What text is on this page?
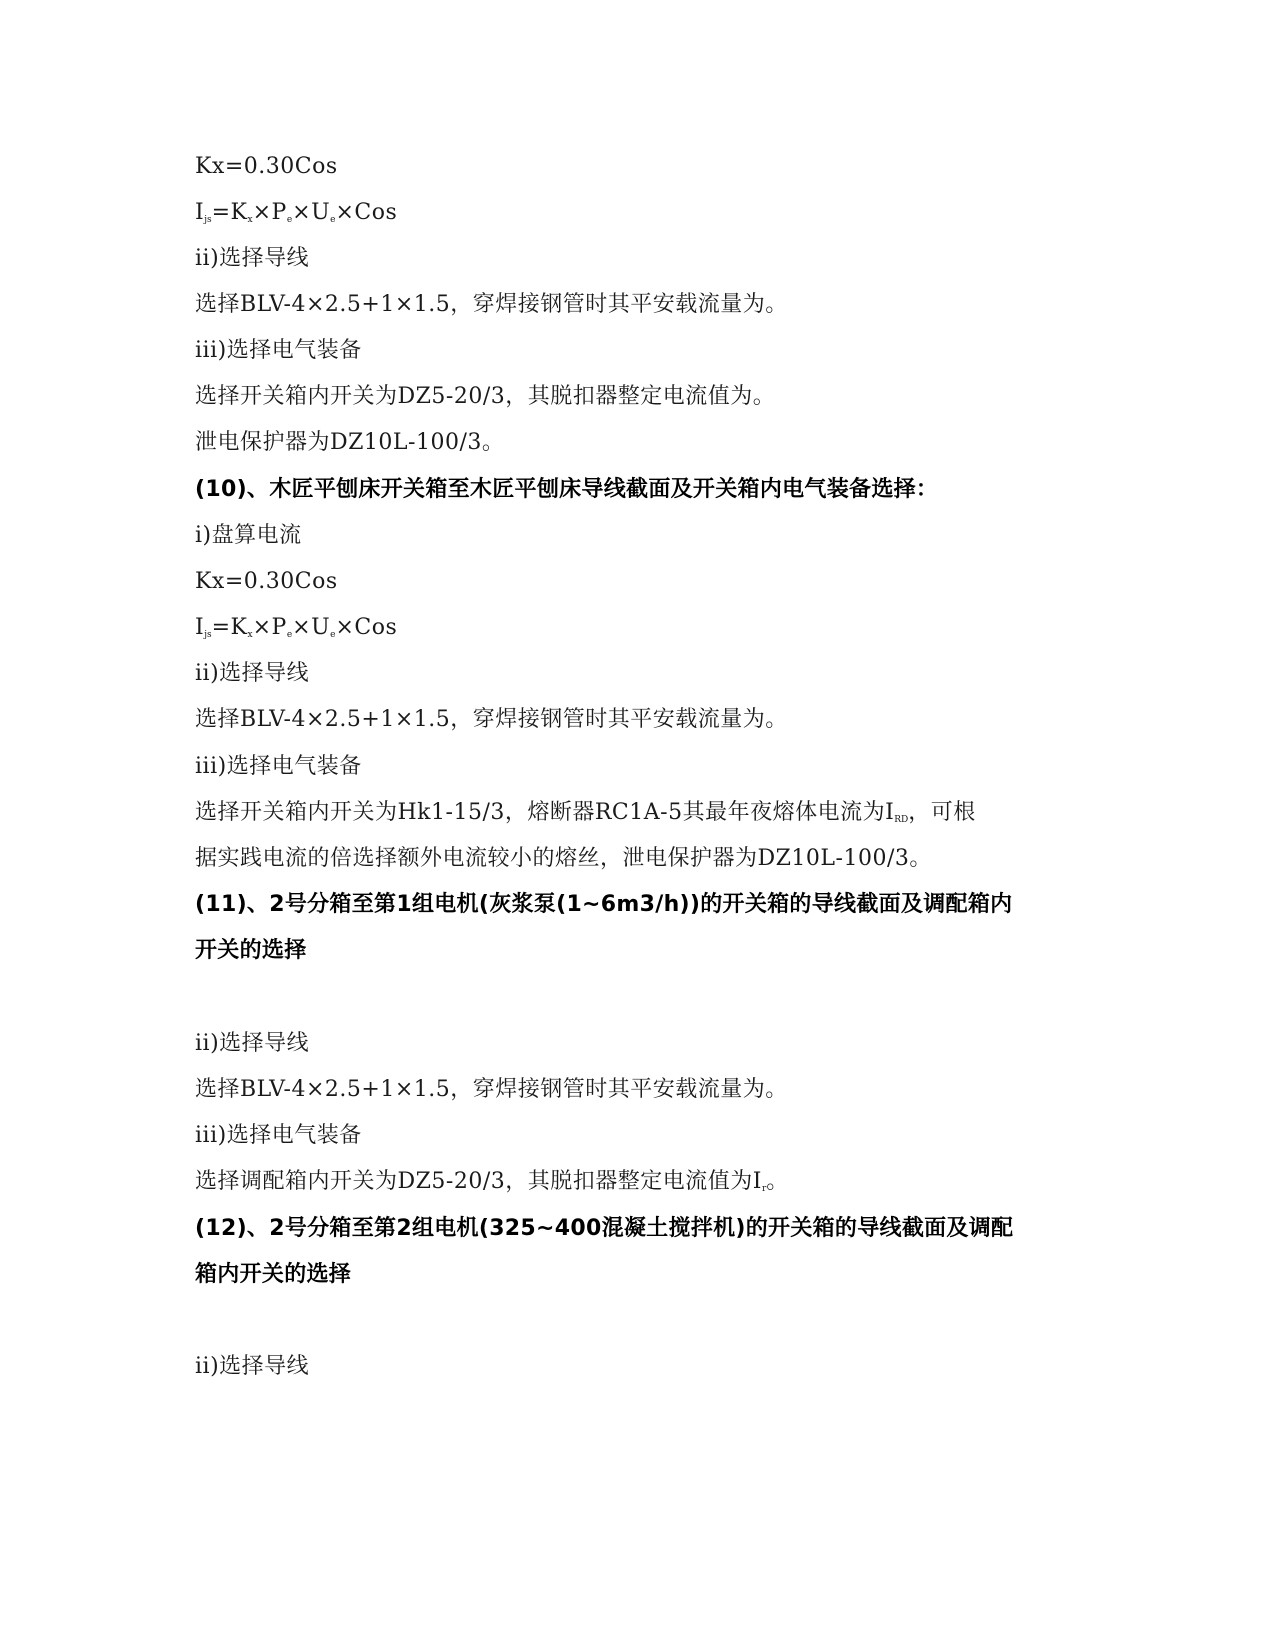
Kx=0.30Cos
$I_{js}=K_x\times P_e\times U_e\times Cos$
ii)选择导线
选择BLV-4×2.5+1×1.5，穿焊接钢管时其平安载流量为。
iii)选择电气装备
选择开关箱内开关为DZ5-20/3，其脱扣器整定电流值为。
泄电保护器为DZ10L-100/3。
(10)、木匠平刨床开关箱至木匠平刨床导线截面及开关箱内电气装备选择：
i)盘算电流
Kx=0.30Cos
$I_{js}=K_x\times P_e\times U_e\times Cos$
ii)选择导线
选择BLV-4×2.5+1×1.5，穿焊接钢管时其平安载流量为。
iii)选择电气装备
选择开关箱内开关为Hk1-15/3，熔断器RC1A-5其最年夜熔体电流为$I_{RD}$，可根
据实践电流的倍选择额外电流较小的熔丝，泄电保护器为DZ10L-100/3。
(11)、2号分箱至第1组电机(灰浆泵(1~6m3/h))的开关箱的导线截面及调配箱内
开关的选择
ii)选择导线
选择BLV-4×2.5+1×1.5，穿焊接钢管时其平安载流量为。
iii)选择电气装备
选择调配箱内开关为DZ5-20/3，其脱扣器整定电流值为$I_r$。
(12)、2号分箱至第2组电机(325~400混凝土搅拌机)的开关箱的导线截面及调配
箱内开关的选择
ii)选择导线
